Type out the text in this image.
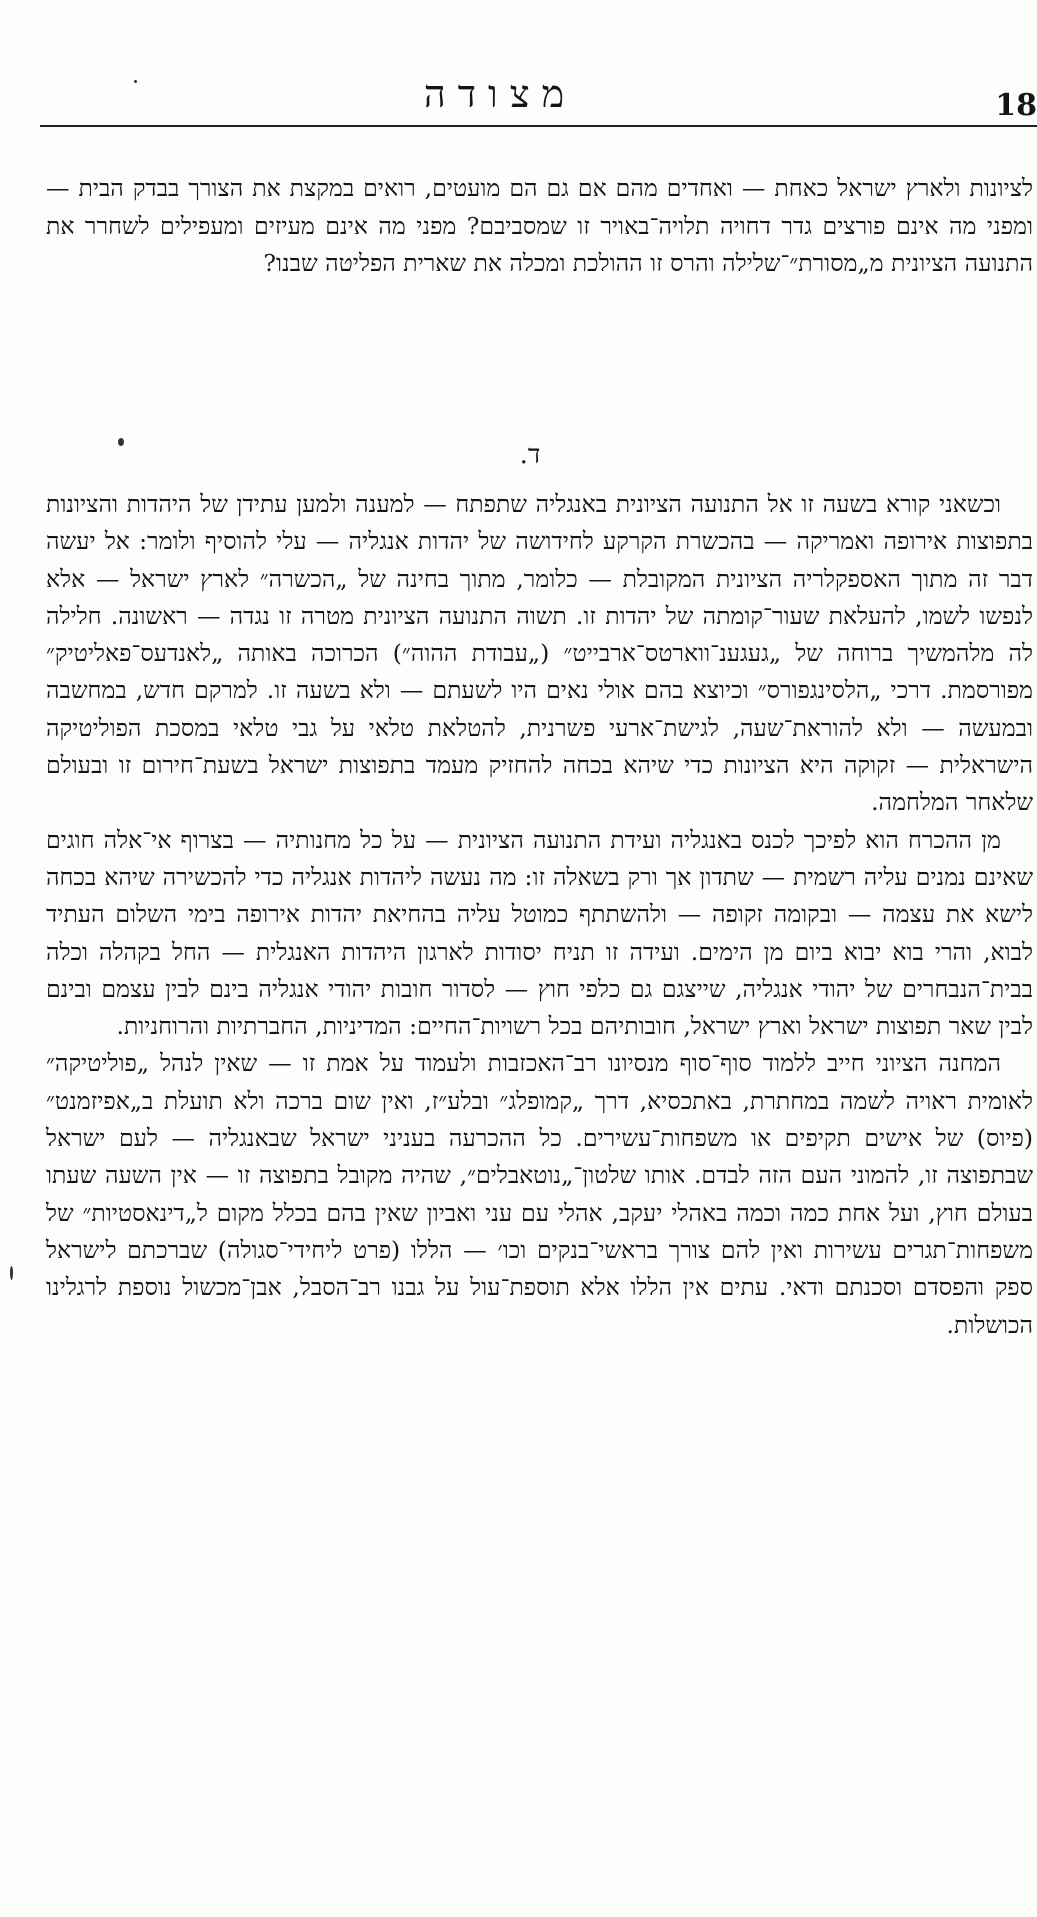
מצודה	18

לציונות ולארץ ישראל כאחת — ואחדים מהם אם גם הם מועטים, רואים במקצת את הצורך בבדק הבית — ומפני מה אינם פורצים גדר דחויה תלויה־באויר זו שמסביבם? מפני מה אינם מעיזים ומעפילים לשחרר את התנועה הציונית מ„מסורת״־שלילה והרס זו ההולכת ומכלה את שארית הפליטה שבנו?

ד.

וכשאני קורא בשעה זו אל התנועה הציונית באנגליה שתפתח — למענה ולמען עתידן של היהדות והציונות בתפוצות אירופה ואמריקה — בהכשרת הקרקע לחידושה של יהדות אנגליה — עלי להוסיף ולומר: אל יעשה דבר זה מתוך האספקלריה הציונית המקובלת — כלומר, מתוך בחינה של „הכשרה״ לארץ ישראל — אלא לנפשו לשמו, להעלאת שעור־קומתה של יהדות זו. תשוה התנועה הציונית מטרה זו נגדה — ראשונה. חלילה לה מלהמשיך ברוחה של „געגענ־ווארטס־ארבייט״ („עבודת ההוה״) הכרוכה באותה „לאנדעס־פאליטיק״ מפורסמת. דרכי „הלסינגפורס״ וכיוצא בהם אולי נאים היו לשעתם — ולא בשעה זו. למרקם חדש, במחשבה ובמעשה — ולא להוראת־שעה, לגישת־ארעי פשרנית, להטלאת טלאי על גבי טלאי במסכת הפוליטיקה הישראלית — זקוקה היא הציונות כדי שיהא בכחה להחזיק מעמד בתפוצות ישראל בשעת־חירום זו ובעולם שלאחר המלחמה.

מן ההכרח הוא לפיכך לכנס באנגליה ועידת התנועה הציונית — על כל מחנותיה — בצרוף אי־אלה חוגים שאינם נמנים עליה רשמית — שתדון אך ורק בשאלה זו: מה נעשה ליהדות אנגליה כדי להכשירה שיהא בכחה לישא את עצמה — ובקומה זקופה — ולהשתתף כמוטל עליה בהחיאת יהדות אירופה בימי השלום העתיד לבוא, והרי בוא יבוא ביום מן הימים. ועידה זו תניח יסודות לארגון היהדות האנגלית — החל בקהלה וכלה בבית־הנבחרים של יהודי אנגליה, שייצגם גם כלפי חוץ — לסדור חובות יהודי אנגליה בינם לבין עצמם ובינם לבין שאר תפוצות ישראל וארץ ישראל, חובותיהם בכל רשויות־החיים: המדיניות, החברתיות והרוחניות.

המחנה הציוני חייב ללמוד סוף־סוף מנסיונו רב־האכזבות ולעמוד על אמת זו — שאין לנהל „פוליטיקה״ לאומית ראויה לשמה במחתרת, באתכסיא, דרך „קמופלג״ ובלע״ז, ואין שום ברכה ולא תועלת ב„אפיזמנט״ (פיוס) של אישים תקיפים או משפחות־עשירים. כל ההכרעה בעניני ישראל שבאנגליה — לעם ישראל שבתפוצה זו, להמוני העם הזה לבדם. אותו שלטון־„נוטאבלים״, שהיה מקובל בתפוצה זו — אין השעה שעתו בעולם חוץ, ועל אחת כמה וכמה באהלי יעקב, אהלי עם עני ואביון שאין בהם בכלל מקום ל„דינאסטיות״ של משפחות־תגרים עשירות ואין להם צורך בראשי־בנקים וכו׳ — הללו (פרט ליחידי־סגולה) שברכתם לישראל ספק והפסדם וסכנתם ודאי. עתים אין הללו אלא תוספת־עול על גבנו רב־הסבל, אבן־מכשול נוספת לרגלינו הכושלות.
